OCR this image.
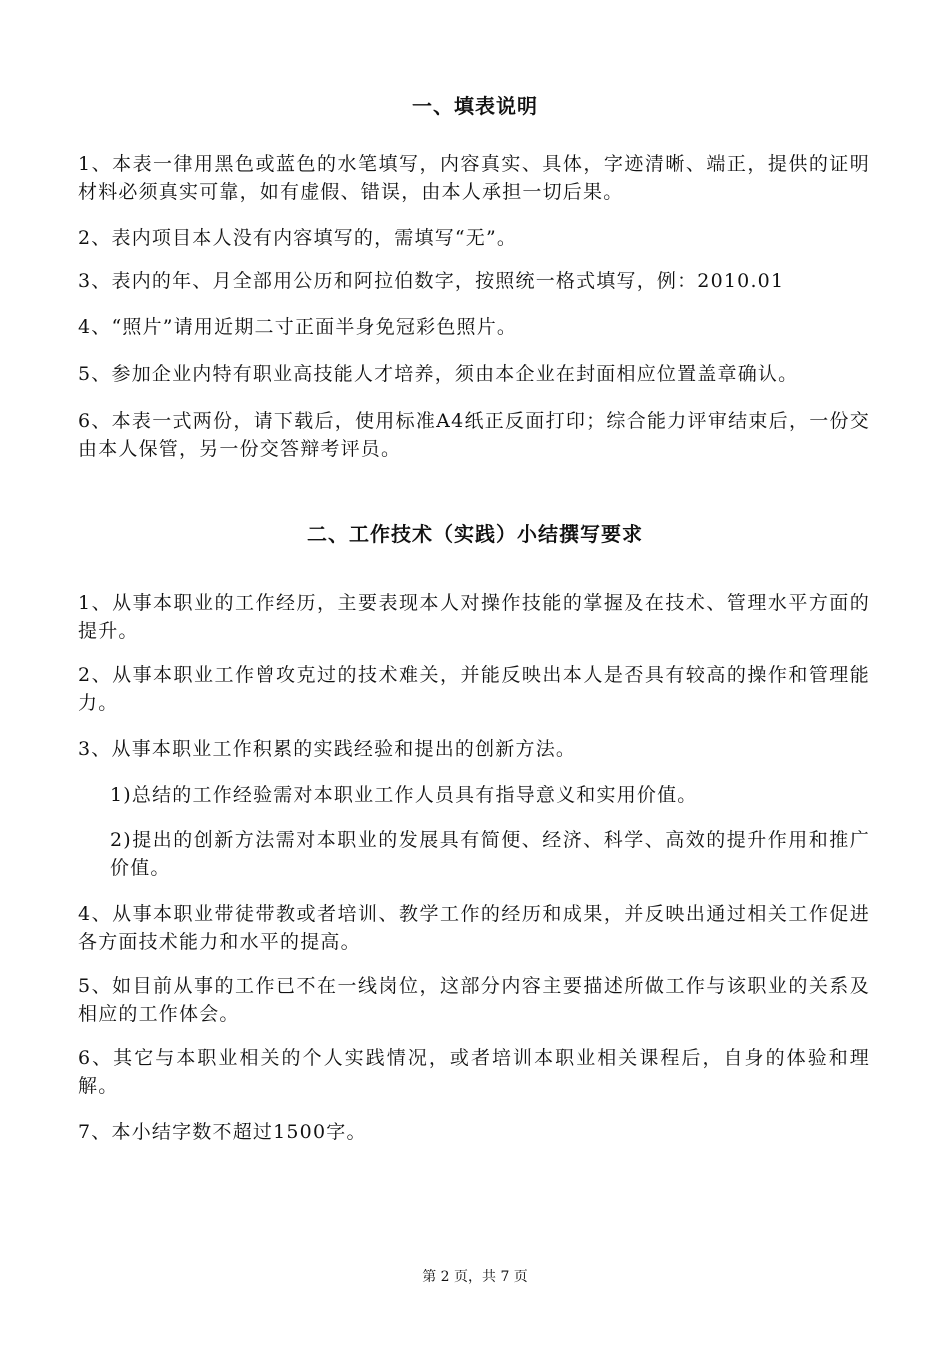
一、填表说明
1、本表一律用黑色或蓝色的水笔填写，内容真实、具体，字迹清晰、端正，提供的证明材料必须真实可靠，如有虚假、错误，由本人承担一切后果。
2、表内项目本人没有内容填写的，需填写“无”。
3、表内的年、月全部用公历和阿拉伯数字，按照统一格式填写，例：2010.01
4、“照片”请用近期二寸正面半身免冠彩色照片。
5、参加企业内特有职业高技能人才培养，须由本企业在封面相应位置盖章确认。
6、本表一式两份，请下载后，使用标准A4纸正反面打印；综合能力评审结束后，一份交由本人保管，另一份交答辩考评员。
二、工作技术（实践）小结撰写要求
1、从事本职业的工作经历，主要表现本人对操作技能的掌握及在技术、管理水平方面的提升。
2、从事本职业工作曾攻克过的技术难关，并能反映出本人是否具有较高的操作和管理能力。
3、从事本职业工作积累的实践经验和提出的创新方法。
1)总结的工作经验需对本职业工作人员具有指导意义和实用价值。
2)提出的创新方法需对本职业的发展具有简便、经济、科学、高效的提升作用和推广价值。
4、从事本职业带徒带教或者培训、教学工作的经历和成果，并反映出通过相关工作促进各方面技术能力和水平的提高。
5、如目前从事的工作已不在一线岗位，这部分内容主要描述所做工作与该职业的关系及相应的工作体会。
6、其它与本职业相关的个人实践情况，或者培训本职业相关课程后，自身的体验和理解。
7、本小结字数不超过1500字。
第 2 页，共 7 页
